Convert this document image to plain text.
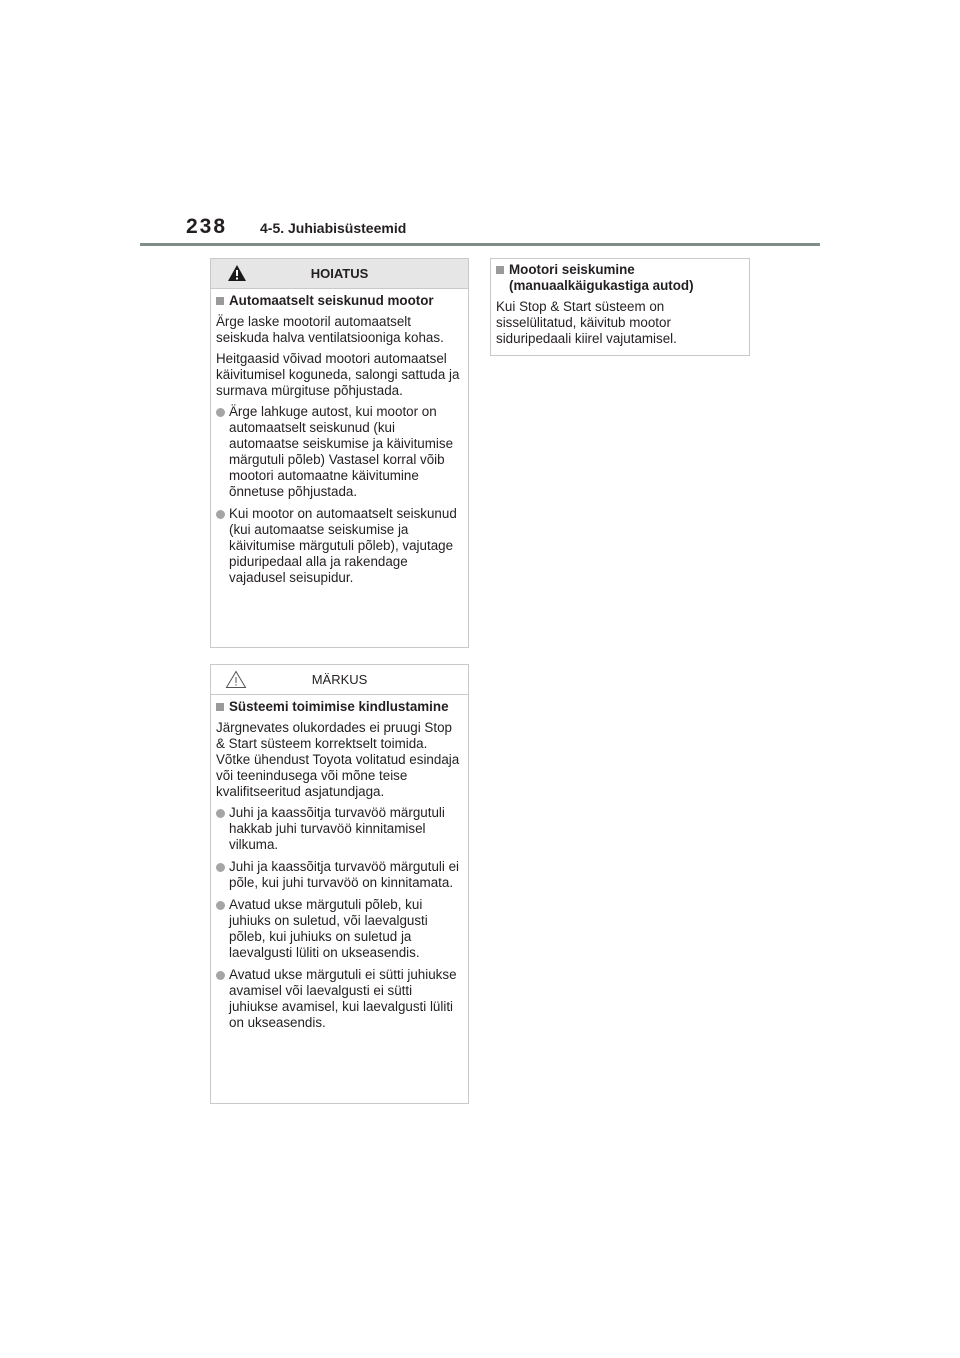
238 4-5. Juhiabisüsteemid
HOIATUS
Automaatselt seiskunud mootor

Ärge laske mootoril automaatselt seiskuda halva ventilatsiooniga kohas.

Heitgaasid võivad mootori automaatsel käivitumisel koguneda, salongi sattuda ja surmava mürgituse põhjustada.

Ärge lahkuge autost, kui mootor on automaatselt seiskunud (kui automaatse seiskumise ja käivitumise märgutuli põleb) Vastasel korral võib mootori automaatne käivitumine õnnetuse põhjustada.
Kui mootor on automaatselt seiskunud (kui automaatse seiskumise ja käivitumise märgutuli põleb), vajutage piduripedaal alla ja rakendage vajadusel seisupidur.
MÄRKUS
Süsteemi toimimise kindlustamine

Järgnevates olukordades ei pruugi Stop & Start süsteem korrektselt toimida. Võtke ühendust Toyota volitatud esindaja või teenindusega või mõne teise kvalifitseeritud asjatundjaga.

Juhi ja kaassõitja turvavöö märgutuli hakkab juhi turvavöö kinnitamisel vilkuma.
Juhi ja kaassõitja turvavöö märgutuli ei põle, kui juhi turvavöö on kinnitamata.
Avatud ukse märgutuli põleb, kui juhiuks on suletud, või laevalgusti põleb, kui juhiuks on suletud ja laevalgusti lüliti on ukseasendis.
Avatud ukse märgutuli ei sütti juhiukse avamisel või laevalgusti ei sütti juhiukse avamisel, kui laevalgusti lüliti on ukseasendis.
Mootori seiskumine (manuaalkäigukastiga autod)

Kui Stop & Start süsteem on sisselülitatud, käivitub mootor siduripedaali kiirel vajutamisel.
